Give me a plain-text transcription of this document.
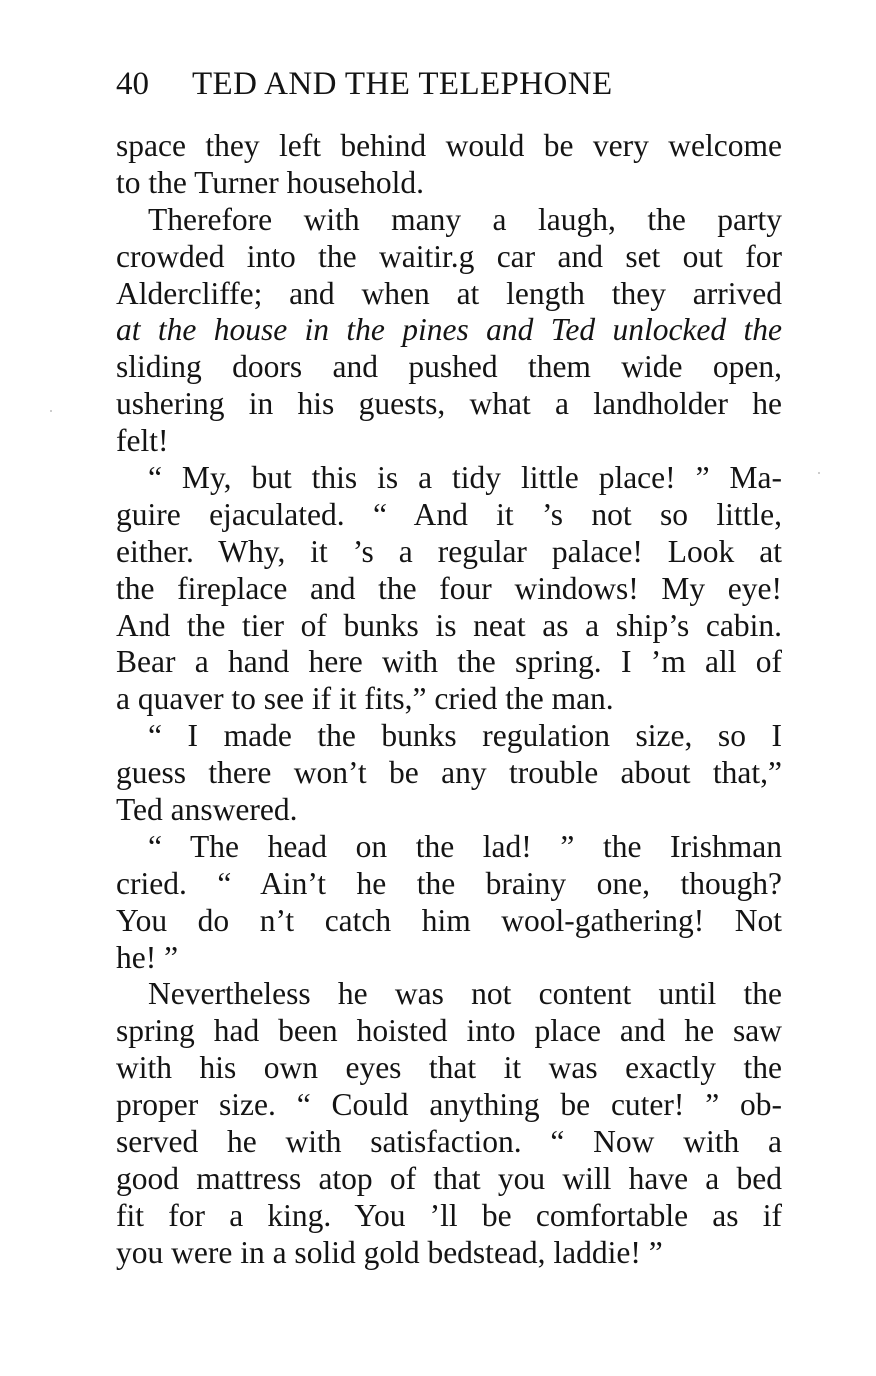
40 TED AND THE TELEPHONE
space they left behind would be very welcome
to the Turner household.
Therefore with many a laugh, the party
crowded into the waitir.g car and set out for
Aldercliffe; and when at length they arrived
at the house in the pines and Ted unlocked the
sliding doors and pushed them wide open,
ushering in his guests, what a landholder he
felt!
“ My, but this is a tidy little place! ” Ma-
guire ejaculated. “ And it ’s not so little,
either. Why, it ’s a regular palace! Look at
the fireplace and the four windows! My eye!
And the tier of bunks is neat as a ship’s cabin.
Bear a hand here with the spring. I ’m all of
a quaver to see if it fits,” cried the man.
“ I made the bunks regulation size, so I
guess there won’t be any trouble about that,”
Ted answered.
“ The head on the lad! ” the Irishman
cried. “ Ain’t he the brainy one, though?
You do n’t catch him wool-gathering! Not
he! ”
Nevertheless he was not content until the
spring had been hoisted into place and he saw
with his own eyes that it was exactly the
proper size. “ Could anything be cuter! ” ob-
served he with satisfaction. “ Now with a
good mattress atop of that you will have a bed
fit for a king. You ’ll be comfortable as if
you were in a solid gold bedstead, laddie! ”
